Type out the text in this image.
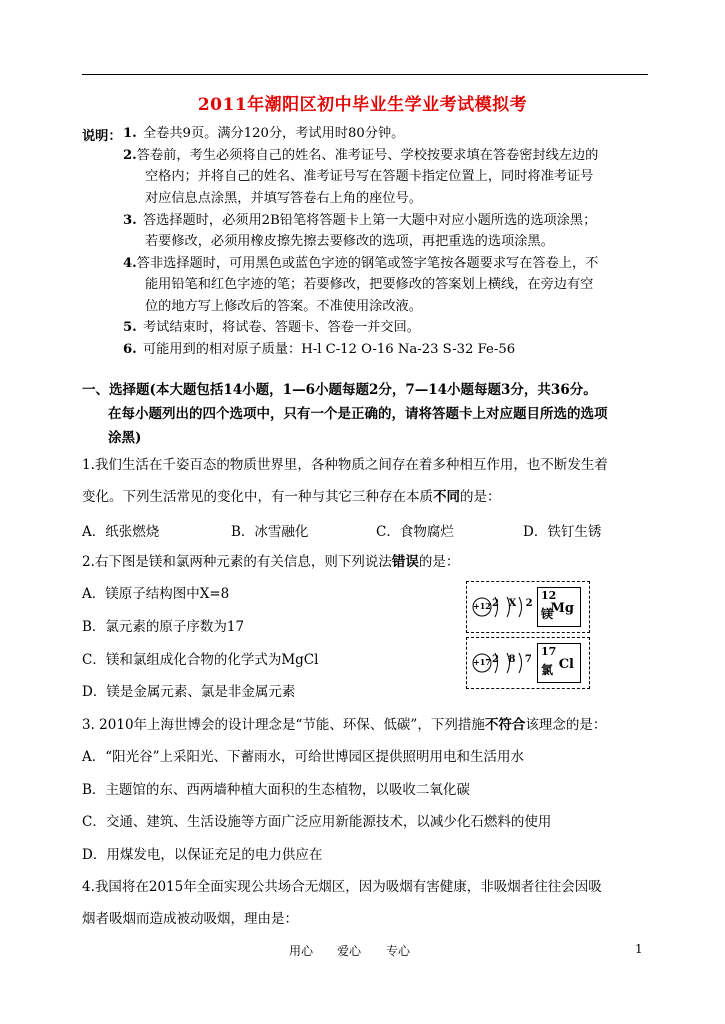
2011年潮阳区初中毕业生学业考试模拟考
说明： 1. 全卷共9页。满分120分，考试用时80分钟。
2.答卷前，考生必须将自己的姓名、准考证号、学校按要求填在答卷密封线左边的
空格内；并将自己的姓名、准考证号写在答题卡指定位置上，同时将准考证号
对应信息点涂黑，并填写答卷右上角的座位号。
3. 答选择题时，必须用2B铅笔将答题卡上第一大题中对应小题所选的选项涂黑；
若要修改，必须用橡皮擦先擦去要修改的选项，再把重选的选项涂黑。
4.答非选择题时，可用黑色或蓝色字迹的钢笔或签字笔按各题要求写在答卷上，不
能用铅笔和红色字迹的笔；若要修改，把要修改的答案划上横线，在旁边有空
位的地方写上修改后的答案。不准使用涂改液。
5. 考试结束时，将试卷、答题卡、答卷一并交回。
6. 可能用到的相对原子质量：H-l C-12 O-16 Na-23 S-32 Fe-56
一、选择题(本大题包括14小题，1—6小题每题2分，7—14小题每题3分，共36分。
在每小题列出的四个选项中，只有一个是正确的，请将答题卡上对应题目所选的选项
涂黑)
1.我们生活在千姿百态的物质世界里，各种物质之间存在着多种相互作用，也不断发生着
变化。下列生活常见的变化中，有一种与其它三种存在本质不同的是：
A．纸张燃烧	B．冰雪融化	C．食物腐烂	D．铁钉生锈
2.右下图是镁和氯两种元素的有关信息，则下列说法错误的是：
A．镁原子结构图中X=8
B．氯元素的原子序数为17
C．镁和氯组成化合物的化学式为MgCl
D．镁是金属元素、氯是非金属元素
+12 2 X 2
12
镁
Mg
+17 2 8 7
17
氯 Cl
3. 2010年上海世博会的设计理念是“节能、环保、低碳”，下列措施不符合该理念的是：
A．“阳光谷”上采阳光、下蓄雨水，可给世博园区提供照明用电和生活用水
B．主题馆的东、西两墙种植大面积的生态植物，以吸收二氧化碳
C．交通、建筑、生活设施等方面广泛应用新能源技术，以减少化石燃料的使用
D．用煤发电，以保证充足的电力供应在
4.我国将在2015年全面实现公共场合无烟区，因为吸烟有害健康，非吸烟者往往会因吸
烟者吸烟而造成被动吸烟，理由是：
用心 爱心 专心	1
